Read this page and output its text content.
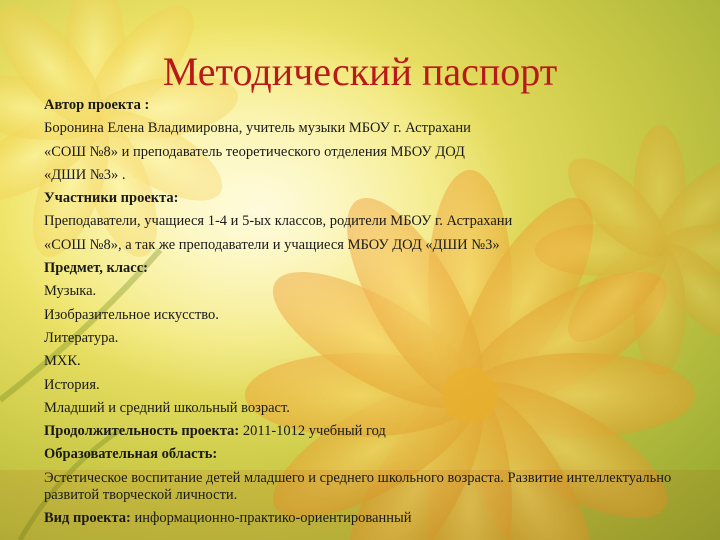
Методический паспорт
Автор проекта :
Боронина Елена Владимировна, учитель музыки МБОУ г. Астрахани
«СОШ №8» и преподаватель теоретического отделения МБОУ ДОД
«ДШИ №3» .
Участники проекта:
Преподаватели, учащиеся 1-4 и 5-ых классов, родители МБОУ г. Астрахани
«СОШ №8», а так же преподаватели и учащиеся МБОУ ДОД «ДШИ №3»
Предмет, класс:
Музыка.
Изобразительное искусство.
Литература.
МХК.
История.
Младший и средний школьный возраст.
Продолжительность проекта: 2011-1012 учебный год
Образовательная область:
Эстетическое воспитание детей младшего и среднего школьного возраста. Развитие интеллектуально развитой творческой личности.
Вид проекта: информационно-практико-ориентированный
